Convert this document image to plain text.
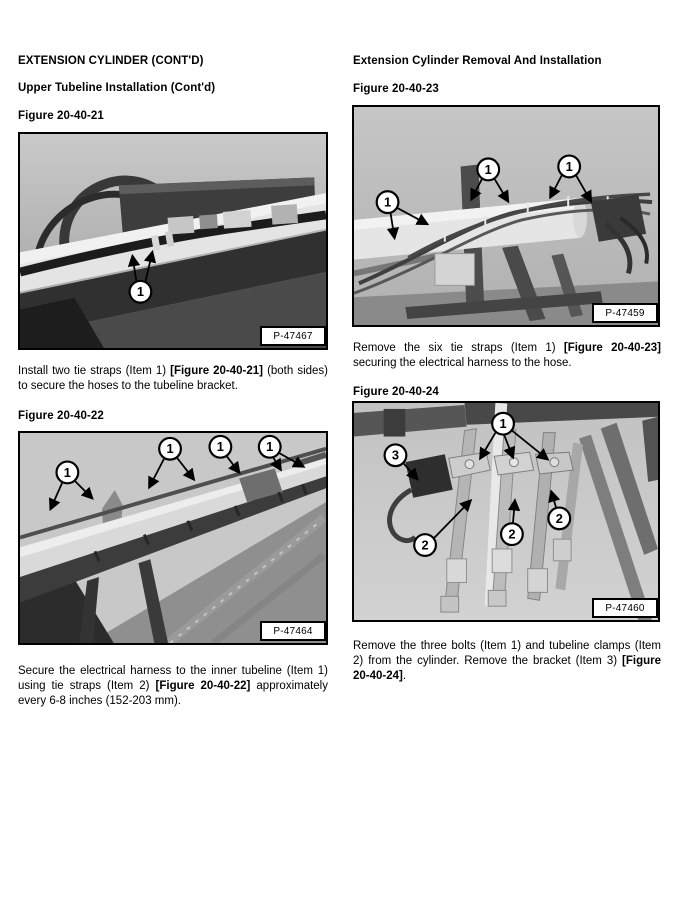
EXTENSION CYLINDER (CONT'D)
Upper Tubeline Installation (Cont'd)
Figure 20-40-21
1
P-47467

Install two tie straps (Item 1) [Figure 20-40-21] (both sides) to secure the hoses to the tubeline bracket.

Figure 20-40-22
1
1	1	1
P-47464

Secure the electrical harness to the inner tubeline (Item 1) using tie straps (Item 2) [Figure 20-40-22] approximately every 6-8 inches (152-203 mm).

Extension Cylinder Removal And Installation
Figure 20-40-23
1
1	1
P-47459

Remove the six tie straps (Item 1) [Figure 20-40-23] securing the electrical harness to the hose.

Figure 20-40-24
1
3
2
2
2
P-47460

Remove the three bolts (Item 1) and tubeline clamps (Item 2) from the cylinder. Remove the bracket (Item 3) [Figure 20-40-24].
